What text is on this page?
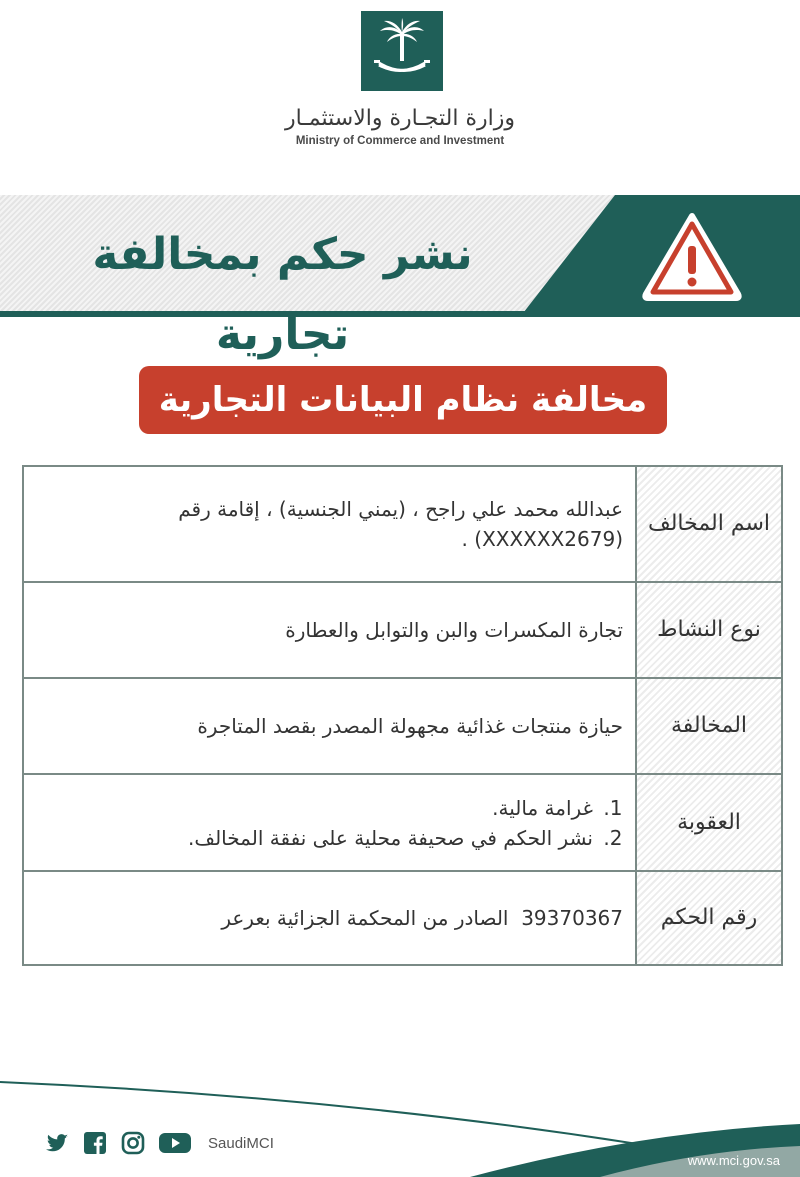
وزارة التجـارة والاستثمـار
Ministry of Commerce and Investment
نشر حكم بمخالفة تجارية
مخالفة نظام البيانات التجارية
اسم المخالف
عبدالله محمد علي راجح ، (يمني الجنسية) ، إقامة رقم (XXXXXX2679) .
نوع النشاط
تجارة المكسرات والبن والتوابل والعطارة
المخالفة
حيازة منتجات غذائية مجهولة المصدر بقصد المتاجرة
العقوبة
1. غرامة مالية.
2. نشر الحكم في صحيفة محلية على نفقة المخالف.
رقم الحكم
39370367  الصادر من المحكمة الجزائية بعرعر
SaudiMCI
www.mci.gov.sa
